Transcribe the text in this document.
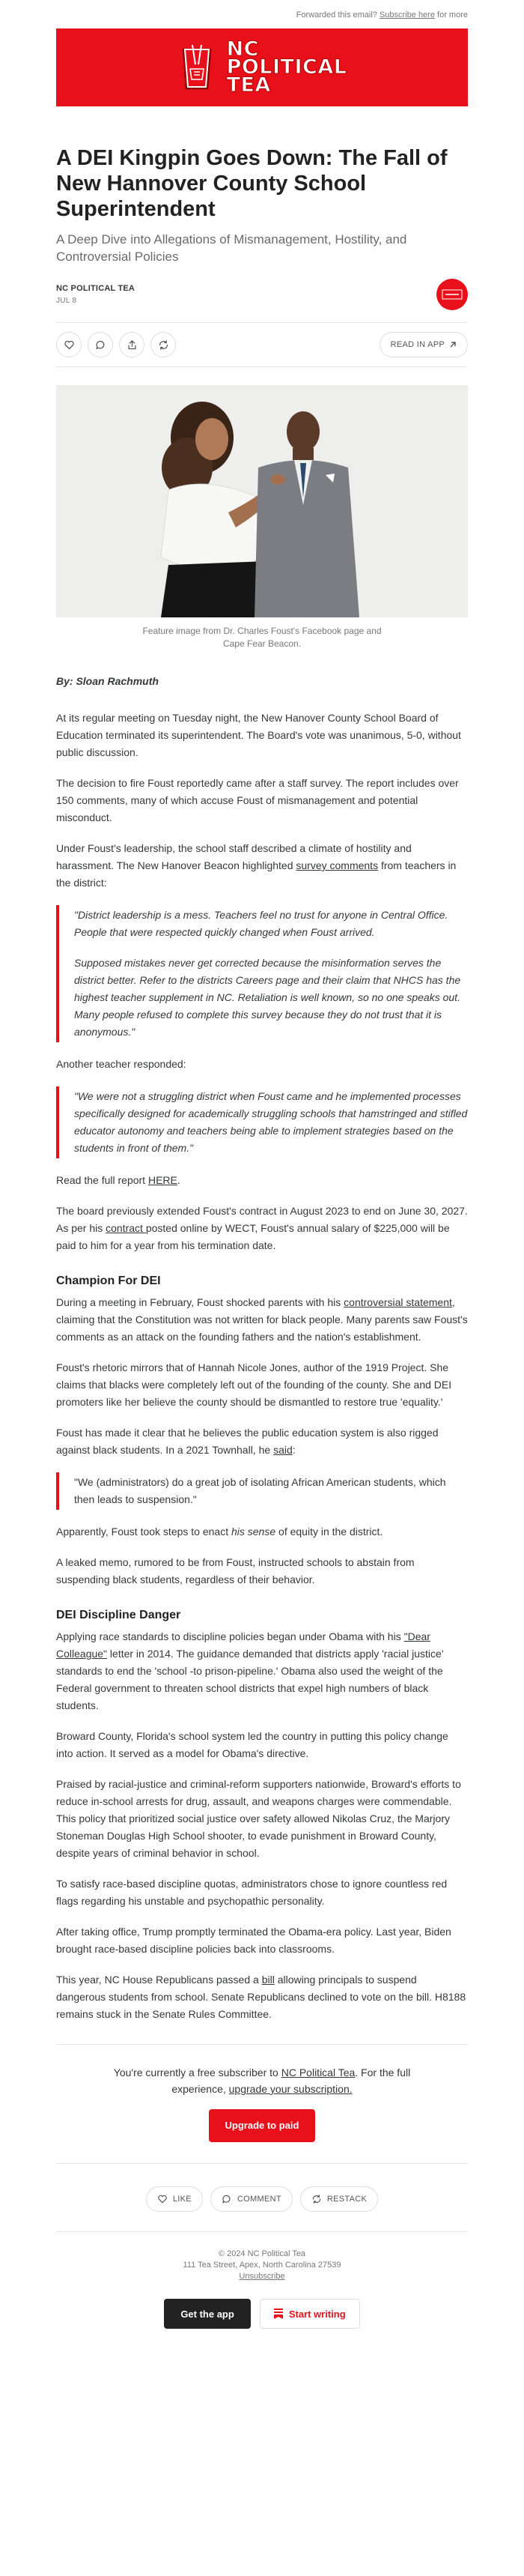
Forwarded this email? Subscribe here for more
NC
POLITICAL
TEA
A DEI Kingpin Goes Down: The Fall of New Hannover County School Superintendent
A Deep Dive into Allegations of Mismanagement, Hostility, and Controversial Policies
NC POLITICAL TEA
JUL 8
READ IN APP
Feature image from Dr. Charles Foust's Facebook page and Cape Fear Beacon.

By: Sloan Rachmuth

At its regular meeting on Tuesday night, the New Hanover County School Board of Education terminated its superintendent. The Board's vote was unanimous, 5-0, without public discussion.

The decision to fire Foust reportedly came after a staff survey. The report includes over 150 comments, many of which accuse Foust of mismanagement and potential misconduct.

Under Foust's leadership, the school staff described a climate of hostility and harassment. The New Hanover Beacon highlighted survey comments from teachers in the district:

"District leadership is a mess. Teachers feel no trust for anyone in Central Office. People that were respected quickly changed when Foust arrived.

Supposed mistakes never get corrected because the misinformation serves the district better. Refer to the districts Careers page and their claim that NHCS has the highest teacher supplement in NC. Retaliation is well known, so no one speaks out. Many people refused to complete this survey because they do not trust that it is anonymous."

Another teacher responded:

"We were not a struggling district when Foust came and he implemented processes specifically designed for academically struggling schools that hamstringed and stifled educator autonomy and teachers being able to implement strategies based on the students in front of them."

Read the full report HERE.

The board previously extended Foust's contract in August 2023 to end on June 30, 2027. As per his contract posted online by WECT, Foust's annual salary of $225,000 will be paid to him for a year from his termination date.

Champion For DEI

During a meeting in February, Foust shocked parents with his controversial statement, claiming that the Constitution was not written for black people. Many parents saw Foust's comments as an attack on the founding fathers and the nation's establishment.

Foust's rhetoric mirrors that of Hannah Nicole Jones, author of the 1919 Project. She claims that blacks were completely left out of the founding of the county. She and DEI promoters like her believe the county should be dismantled to restore true 'equality.'

Foust has made it clear that he believes the public education system is also rigged against black students. In a 2021 Townhall, he said:

"We (administrators) do a great job of isolating African American students, which then leads to suspension."

Apparently, Foust took steps to enact his sense of equity in the district.

A leaked memo, rumored to be from Foust, instructed schools to abstain from suspending black students, regardless of their behavior.

DEI Discipline Danger

Applying race standards to discipline policies began under Obama with his "Dear Colleague" letter in 2014. The guidance demanded that districts apply 'racial justice' standards to end the 'school -to prison-pipeline.' Obama also used the weight of the Federal government to threaten school districts that expel high numbers of black students.

Broward County, Florida's school system led the country in putting this policy change into action. It served as a model for Obama's directive.

Praised by racial-justice and criminal-reform supporters nationwide, Broward's efforts to reduce in-school arrests for drug, assault, and weapons charges were commendable. This policy that prioritized social justice over safety allowed Nikolas Cruz, the Marjory Stoneman Douglas High School shooter, to evade punishment in Broward County, despite years of criminal behavior in school.

To satisfy race-based discipline quotas, administrators chose to ignore countless red flags regarding his unstable and psychopathic personality.

After taking office, Trump promptly terminated the Obama-era policy. Last year, Biden brought race-based discipline policies back into classrooms.

This year, NC House Republicans passed a bill allowing principals to suspend dangerous students from school. Senate Republicans declined to vote on the bill. H8188 remains stuck in the Senate Rules Committee.

You're currently a free subscriber to NC Political Tea. For the full experience, upgrade your subscription.
Upgrade to paid
LIKE	COMMENT	RESTACK
© 2024 NC Political Tea
111 Tea Street, Apex, North Carolina 27539
Unsubscribe
Get the app	Start writing
